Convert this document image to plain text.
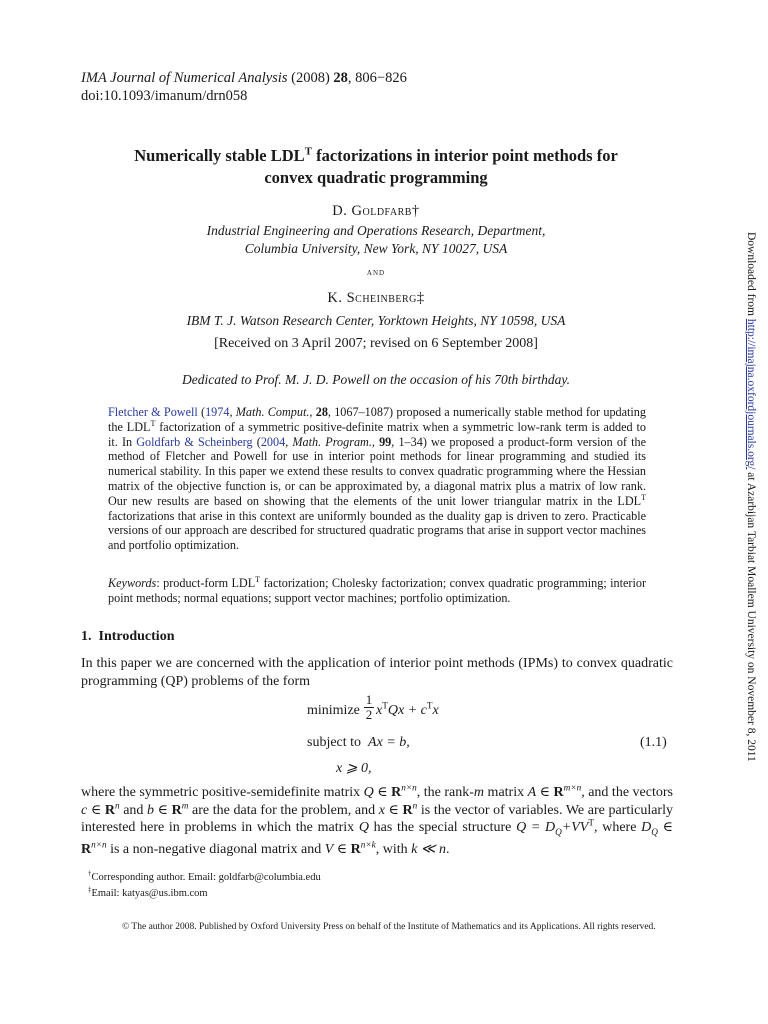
IMA Journal of Numerical Analysis (2008) 28, 806−826
doi:10.1093/imanum/drn058
Numerically stable $LDL^T$ factorizations in interior point methods for
convex quadratic programming
D. Goldfarb†
Industrial Engineering and Operations Research, Department,
Columbia University, New York, NY 10027, USA
and
K. Scheinberg‡
IBM T. J. Watson Research Center, Yorktown Heights, NY 10598, USA
[Received on 3 April 2007; revised on 6 September 2008]
Dedicated to Prof. M. J. D. Powell on the occasion of his 70th birthday.
Fletcher & Powell (1974, Math. Comput., 28, 1067–1087) proposed a numerically stable method for updating the $LDL^T$ factorization of a symmetric positive-definite matrix when a symmetric low-rank term is added to it. In Goldfarb & Scheinberg (2004, Math. Program., 99, 1–34) we proposed a product-form version of the method of Fletcher and Powell for use in interior point methods for linear programming and studied its numerical stability. In this paper we extend these results to convex quadratic programming where the Hessian matrix of the objective function is, or can be approximated by, a diagonal matrix plus a matrix of low rank. Our new results are based on showing that the elements of the unit lower triangular matrix in the $LDL^T$ factorizations that arise in this context are uniformly bounded as the duality gap is driven to zero. Practicable versions of our approach are described for structured quadratic programs that arise in support vector machines and portfolio optimization.
Keywords: product-form $LDL^T$ factorization; Cholesky factorization; convex quadratic programming; interior point methods; normal equations; support vector machines; portfolio optimization.
1. Introduction
In this paper we are concerned with the application of interior point methods (IPMs) to convex quadratic programming (QP) problems of the form
minimize $\frac{1}{2} x^TQx + c^Tx$
subject to Ax = b,	(1.1)
x ⩾ 0,
where the symmetric positive-semidefinite matrix Q ∈ $R^{n\times n}$, the rank-m matrix A ∈ $R^{m\times n}$, and the vectors c ∈ $R^n$ and b ∈ $R^m$ are the data for the problem, and x ∈ $R^n$ is the vector of variables. We are particularly interested here in problems in which the matrix Q has the special structure $Q = D_Q+VV^T$, where $D_Q$ ∈ $R^{n\times n}$ is a non-negative diagonal matrix and V ∈ $R^{n\times k}$, with k ≪ n.
†Corresponding author. Email: goldfarb@columbia.edu
‡Email: katyas@us.ibm.com
© The author 2008. Published by Oxford University Press on behalf of the Institute of Mathematics and its Applications. All rights reserved.
Downloaded from http://imajna.oxfordjournals.org/ at Azarbijan Tarbiat Moallem University on November 8, 2011
